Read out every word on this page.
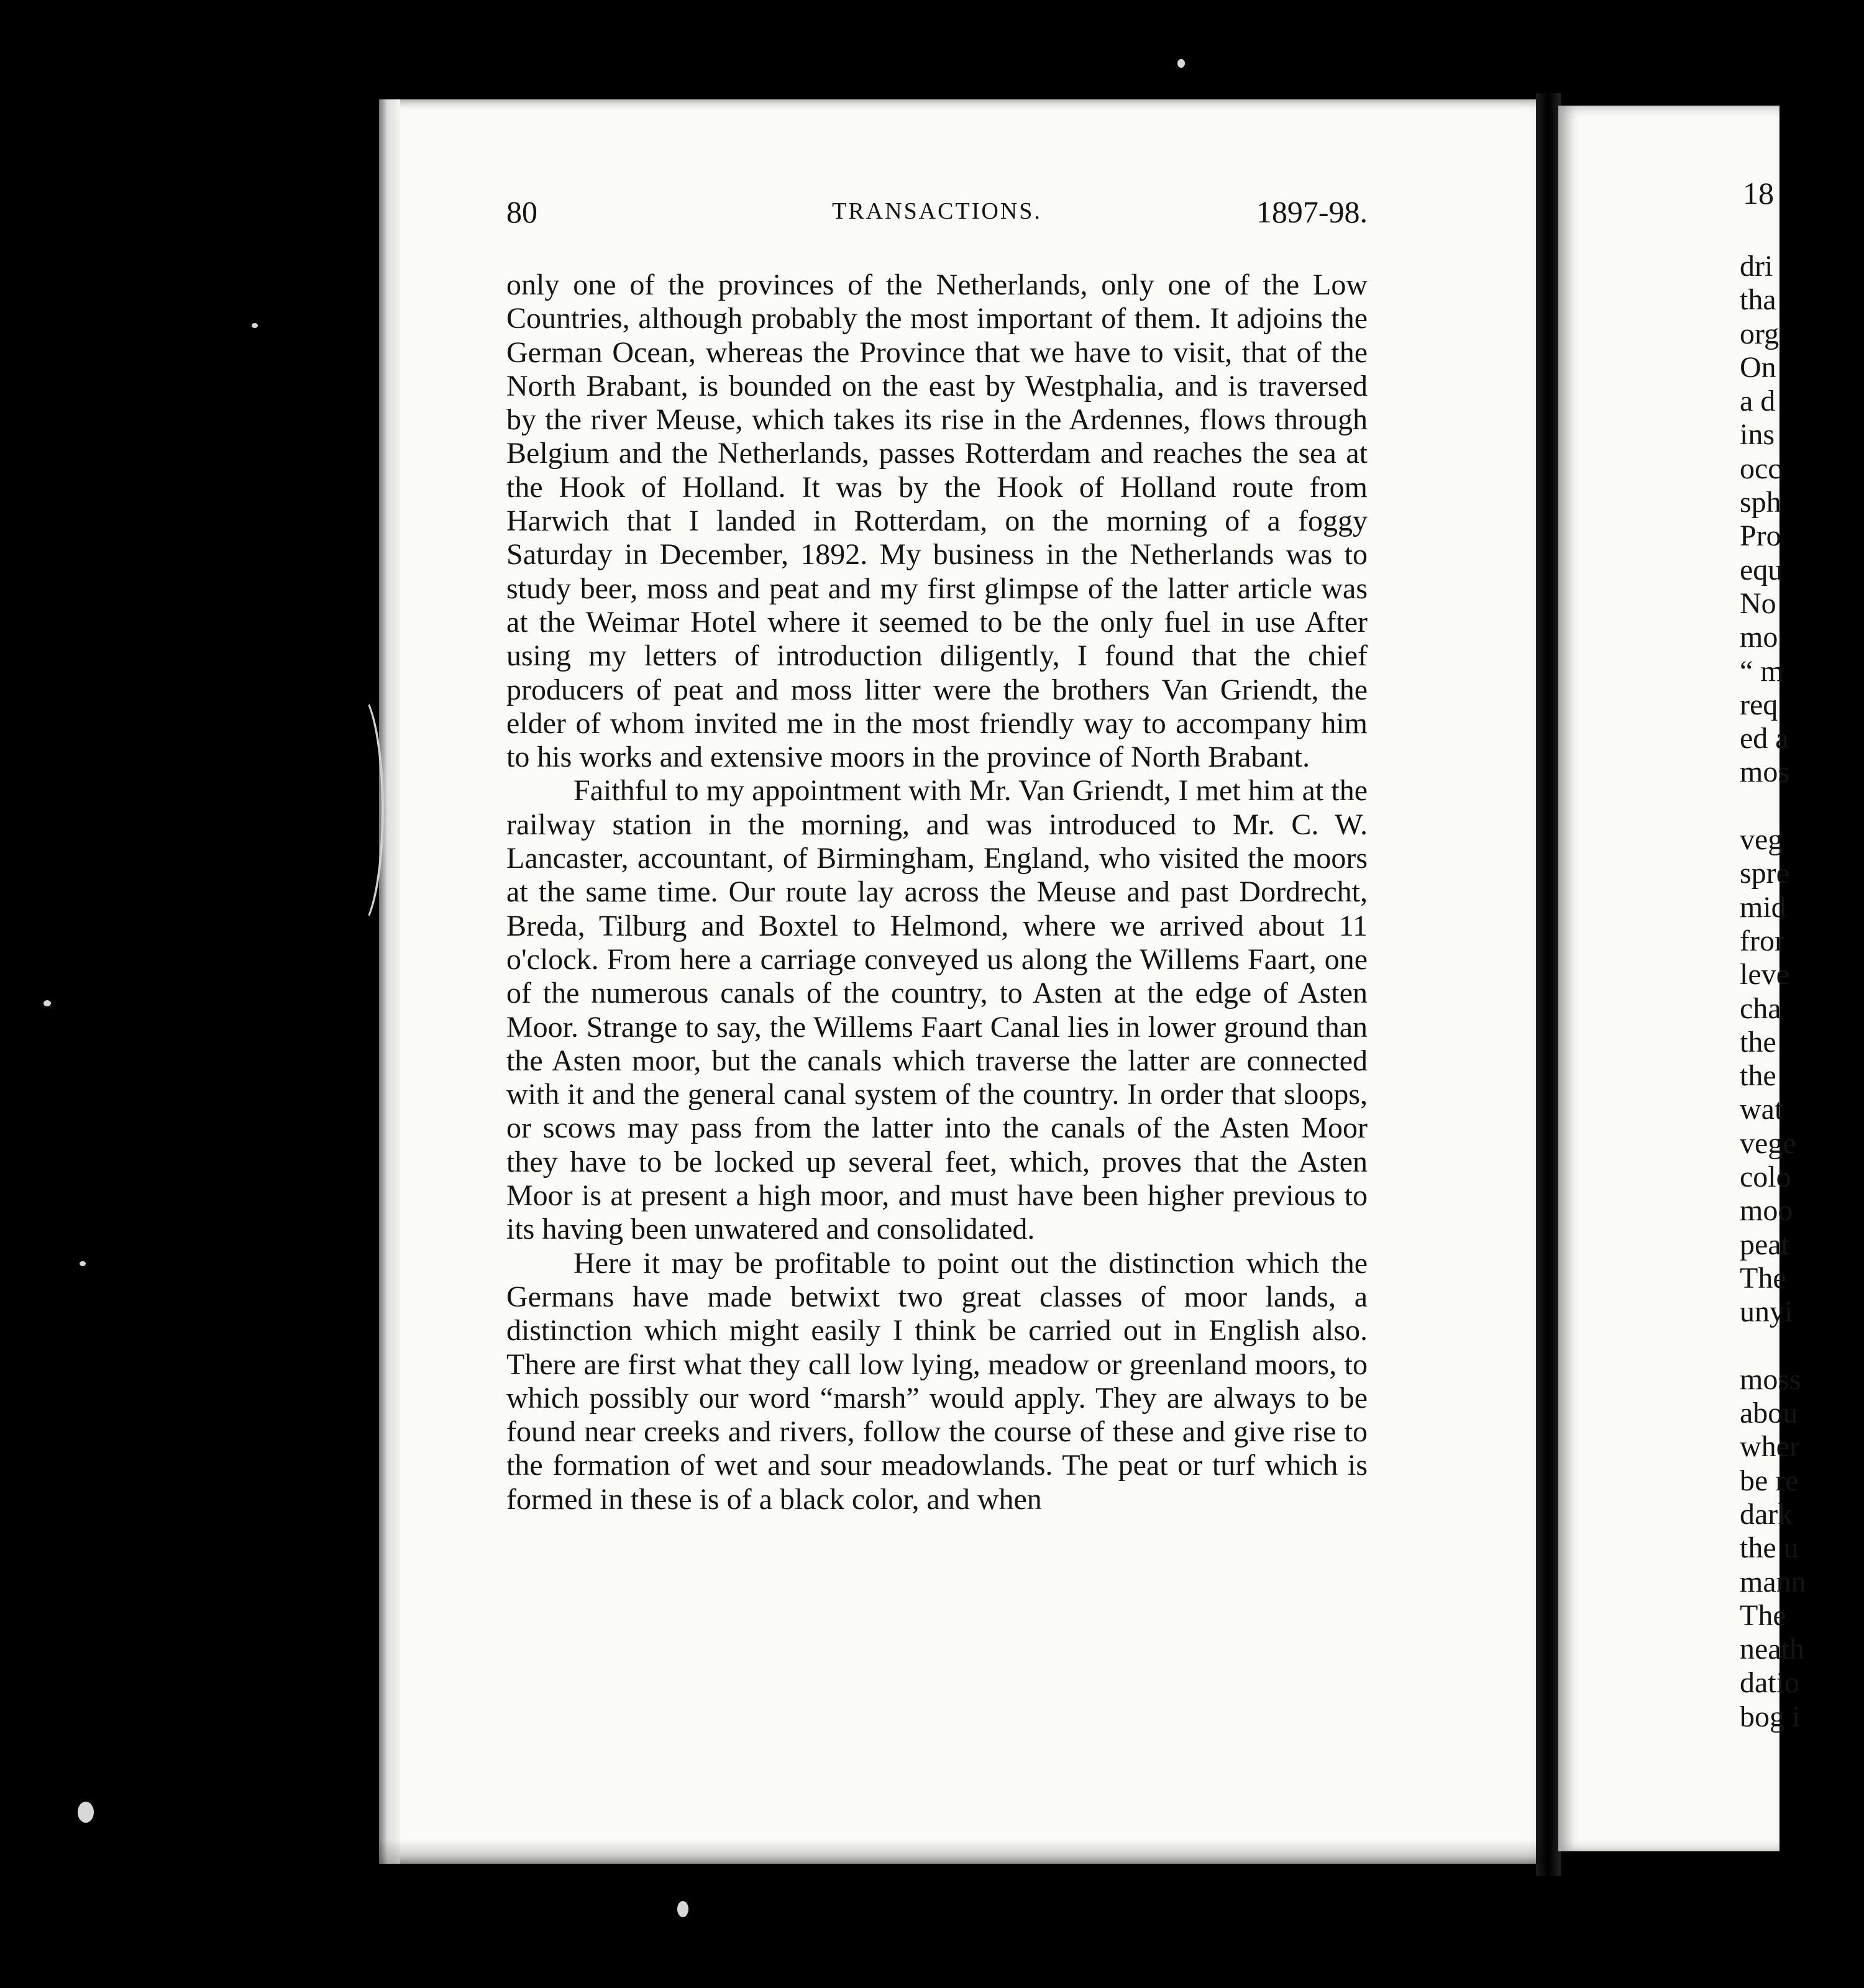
80	TRANSACTIONS.	1897-98.

only one of the provinces of the Netherlands, only one of the Low Countries, although probably the most important of them. It adjoins the German Ocean, whereas the Province that we have to visit, that of the North Brabant, is bounded on the east by Westphalia, and is traversed by the river Meuse, which takes its rise in the Ardennes, flows through Belgium and the Netherlands, passes Rotterdam and reaches the sea at the Hook of Holland. It was by the Hook of Holland route from Harwich that I landed in Rotterdam, on the morning of a foggy Saturday in December, 1892. My business in the Netherlands was to study beer, moss and peat and my first glimpse of the latter article was at the Weimar Hotel where it seemed to be the only fuel in use After using my letters of introduction diligently, I found that the chief producers of peat and moss litter were the brothers Van Griendt, the elder of whom invited me in the most friendly way to accompany him to his works and extensive moors in the province of North Brabant.

Faithful to my appointment with Mr. Van Griendt, I met him at the railway station in the morning, and was introduced to Mr. C. W. Lancaster, accountant, of Birmingham, England, who visited the moors at the same time. Our route lay across the Meuse and past Dordrecht, Breda, Tilburg and Boxtel to Helmond, where we arrived about 11 o'clock. From here a carriage conveyed us along the Willems Faart, one of the numerous canals of the country, to Asten at the edge of Asten Moor. Strange to say, the Willems Faart Canal lies in lower ground than the Asten moor, but the canals which traverse the latter are connected with it and the general canal system of the country. In order that sloops, or scows may pass from the latter into the canals of the Asten Moor they have to be locked up several feet, which, proves that the Asten Moor is at present a high moor, and must have been higher previous to its having been unwatered and consolidated.

Here it may be profitable to point out the distinction which the Germans have made betwixt two great classes of moor lands, a distinction which might easily I think be carried out in English also. There are first what they call low lying, meadow or greenland moors, to which possibly our word “marsh” would apply. They are always to be found near creeks and rivers, follow the course of these and give rise to the formation of wet and sour meadowlands. The peat or turf which is formed in these is of a black color, and when

18
dri
tha
org
On
a d
ins
occ
sph
Pro
equ
No
mo
“ m
req
ed a
mos
veg
spre
mid
fror
leve
cha
the
the
wat
vege
colo
moo
peat
The
unyi
moss
abou
wher
be re
dark
the u
mann
The
neath
datio
bog i
